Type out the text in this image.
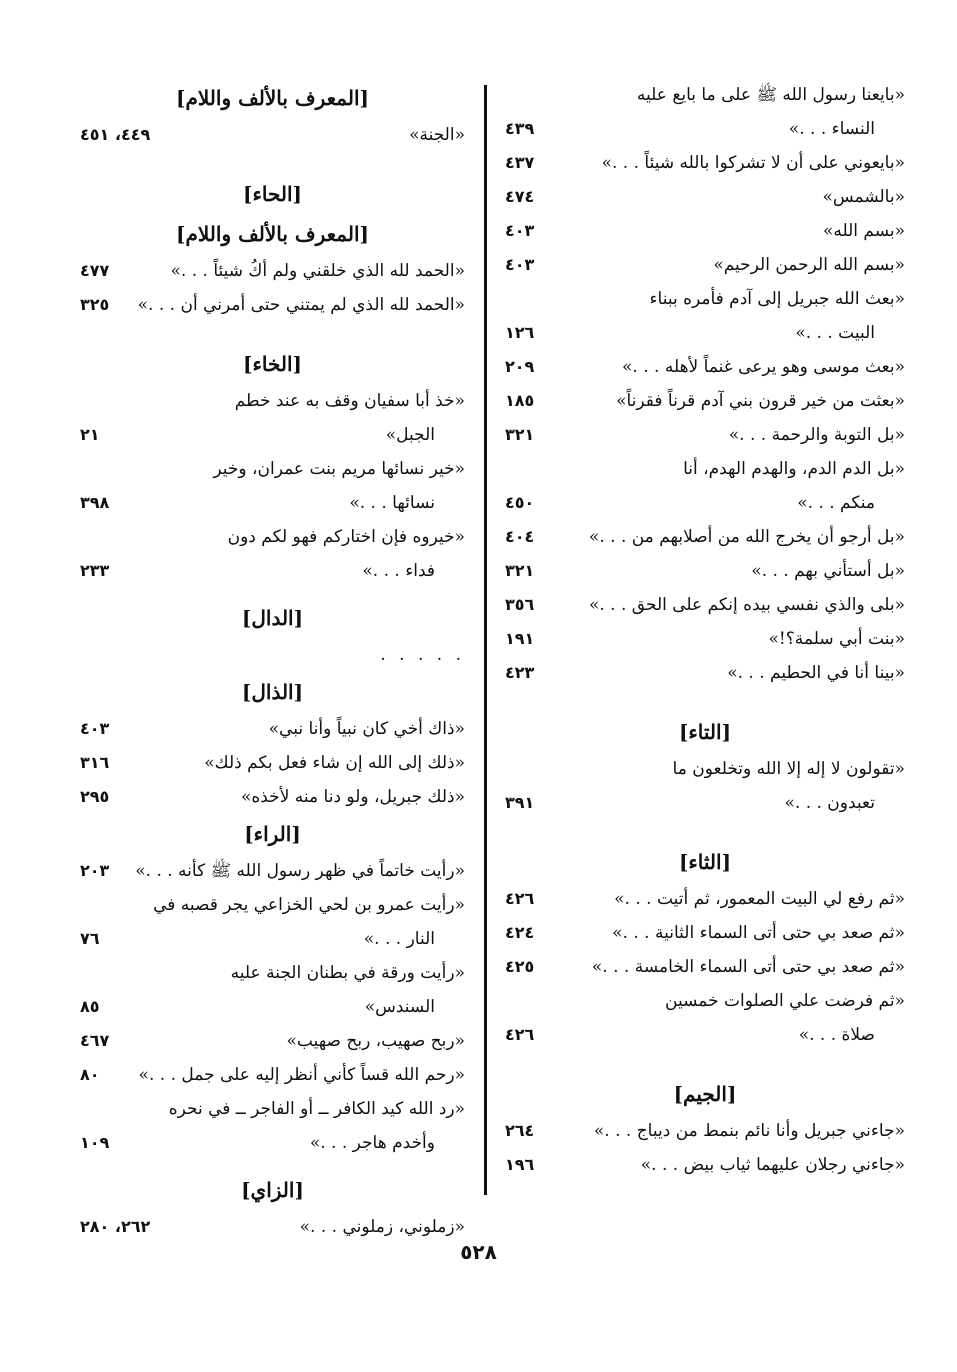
«بايعنا رسول الله ﷺ على ما بايع عليه
النساء . . .»
٤٣٩
«بايعوني على أن لا تشركوا بالله شيئاً . . .»
٤٣٧
«بالشمس»
٤٧٤
«بسم الله»
٤٠٣
«بسم الله الرحمن الرحيم»
٤٠٣
«بعث الله جبريل إلى آدم فأمره ببناء
البيت . . .»
١٢٦
«بعث موسى وهو يرعى غنماً لأهله . . .»
٢٠٩
«بعثت من خير قرون بني آدم قرناً فقرناً»
١٨٥
«بل التوبة والرحمة . . .»
٣٢١
«بل الدم الدم، والهدم الهدم، أنا
منكم . . .»
٤٥٠
«بل أرجو أن يخرج الله من أصلابهم من . . .»
٤٠٤
«بل أستأني بهم . . .»
٣٢١
«بلى والذي نفسي بيده إنكم على الحق . . .»
٣٥٦
«بنت أبي سلمة؟!»
١٩١
«بينا أنا في الحطيم . . .»
٤٢٣
[التاء]
«تقولون لا إله إلا الله وتخلعون ما
تعبدون . . .»
٣٩١
[الثاء]
«ثم رفع لي البيت المعمور، ثم أتيت . . .»
٤٢٦
«ثم صعد بي حتى أتى السماء الثانية . . .»
٤٢٤
«ثم صعد بي حتى أتى السماء الخامسة . . .»
٤٢٥
«ثم فرضت علي الصلوات خمسين
صلاة . . .»
٤٢٦
[الجيم]
«جاءني جبريل وأنا نائم بنمط من ديباج . . .»
٢٦٤
«جاءني رجلان عليهما ثياب بيض . . .»
١٩٦
[المعرف بالألف واللام]
«الجنة»
٤٤٩، ٤٥١
[الحاء]
[المعرف بالألف واللام]
«الحمد لله الذي خلقني ولم أكُ شيئاً . . .»
٤٧٧
«الحمد لله الذي لم يمتني حتى أمرني أن . . .»
٣٢٥
[الخاء]
«خذ أبا سفيان وقف به عند خطم
الجبل»
٢١
«خير نسائها مريم بنت عمران، وخير
نسائها . . .»
٣٩٨
«خيروه فإن اختاركم فهو لكم دون
فداء . . .»
٢٣٣
[الدال]
. . . . .
[الذال]
«ذاك أخي كان نبياً وأنا نبي»
٤٠٣
«ذلك إلى الله إن شاء فعل بكم ذلك»
٣١٦
«ذلك جبريل، ولو دنا منه لأخذه»
٢٩٥
[الراء]
«رأيت خاتماً في ظهر رسول الله ﷺ كأنه . . .»
٢٠٣
«رأيت عمرو بن لحي الخزاعي يجر قصبه في
النار . . .»
٧٦
«رأيت ورقة في بطنان الجنة عليه
السندس»
٨٥
«ربح صهيب، ربح صهيب»
٤٦٧
«رحم الله قساً كأني أنظر إليه على جمل . . .»
٨٠
«رد الله كيد الكافر ــ أو الفاجر ــ في نحره
وأخدم هاجر . . .»
١٠٩
[الزاي]
«زملوني، زملوني . . .»
٢٦٢، ٢٨٠
٥٢٨
